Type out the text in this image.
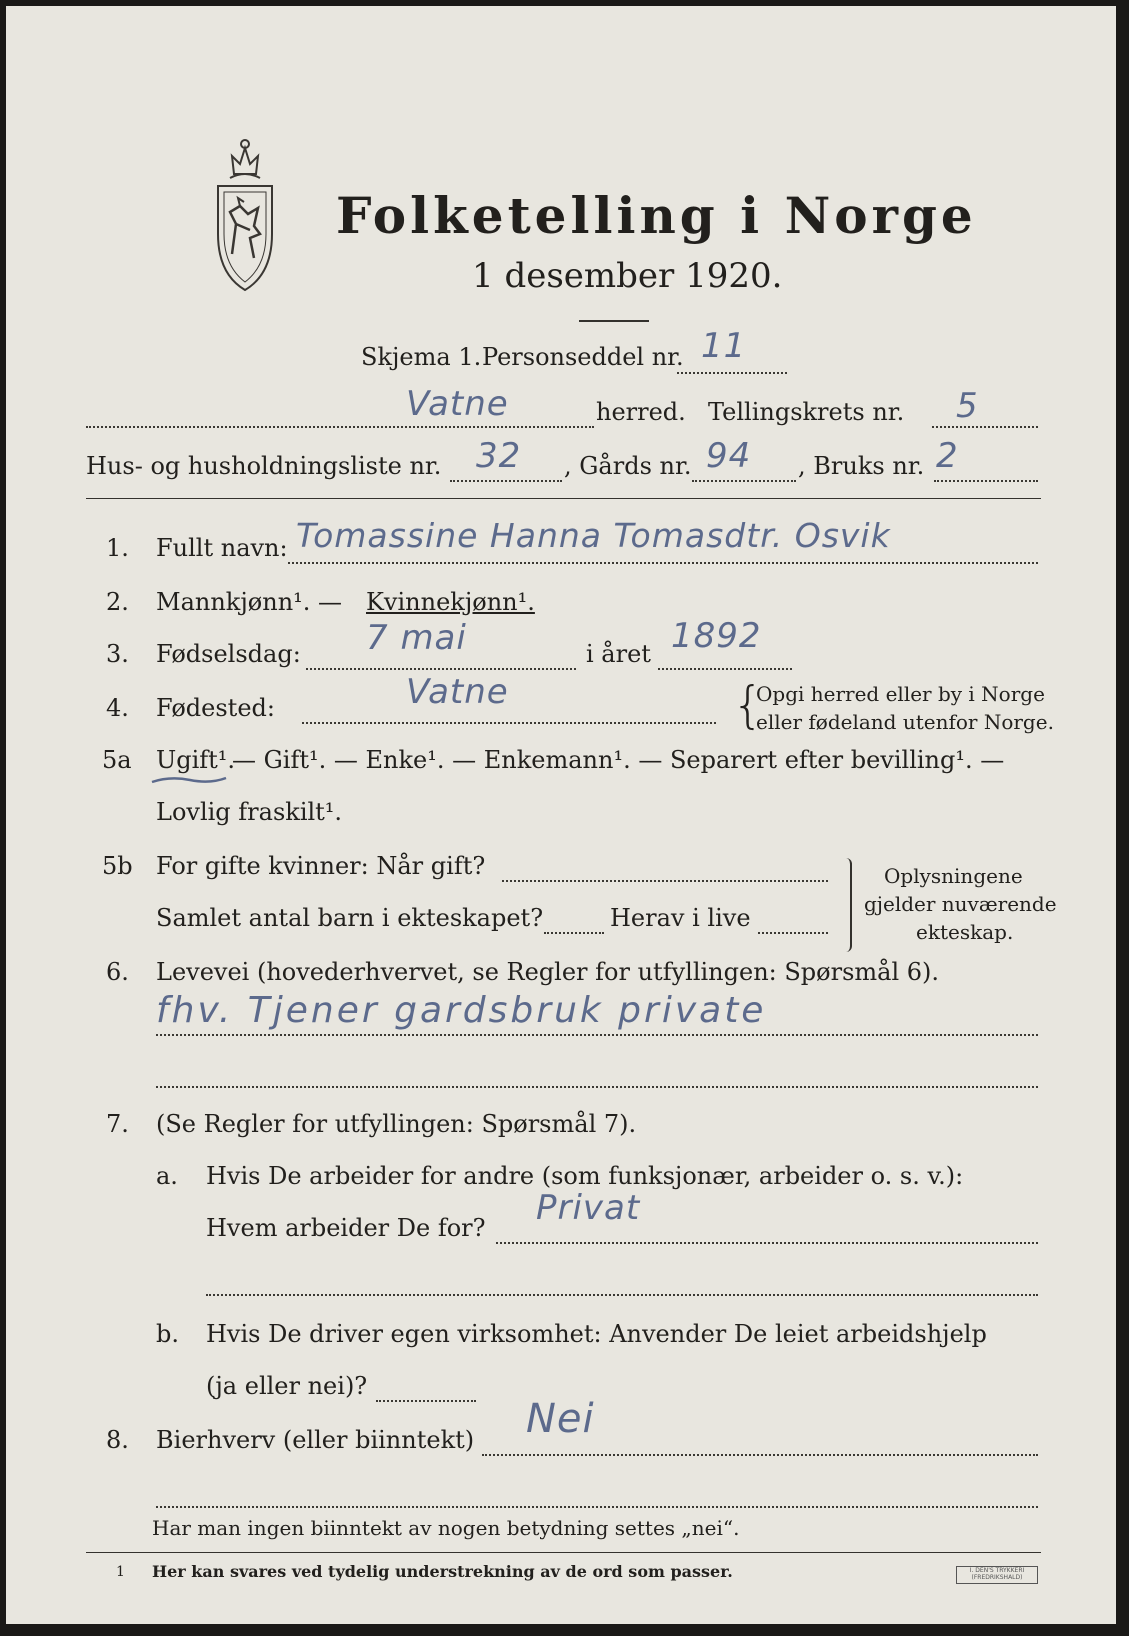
Folketelling i Norge
1 desember 1920.
Skjema 1. Personseddel nr. 11
Vatne	herred. Tellingskrets nr. 5
Hus- og husholdningsliste nr. 32 , Gårds nr. 94 , Bruks nr. 2
1. Fullt navn: Tomassine Hanna Tomasdtr. Osvik
2. Mannkjønn¹. — Kvinnekjønn¹.
3. Fødselsdag: 7 mai	i året 1892
4. Fødested:	Vatne	{
Opgi herred eller by i Norge
eller fødeland utenfor Norge.
5a Ugift¹.
— Gift¹. — Enke¹. — Enkemann¹. — Separert efter bevilling¹. —
Lovlig fraskilt¹.
5b For gifte kvinner: Når gift?
Samlet antal barn i ekteskapet?	Herav i live
Oplysningene
gjelder nuværende
ekteskap.
6. Levevei (hovederhvervet, se Regler for utfyllingen: Spørsmål 6).
fhv. Tjener gardsbruk private
7. (Se Regler for utfyllingen: Spørsmål 7).
a. Hvis De arbeider for andre (som funksjonær, arbeider o. s. v.):
Hvem arbeider De for? Privat
b. Hvis De driver egen virksomhet: Anvender De leiet arbeidshjelp
(ja eller nei)?
8. Bierhverv (eller biinntekt) Nei
Har man ingen biinntekt av nogen betydning settes „nei“.
1 Her kan svares ved tydelig understrekning av de ord som passer.	I. DEN'S TRYKKERI
(FREDRIKSHALD)
